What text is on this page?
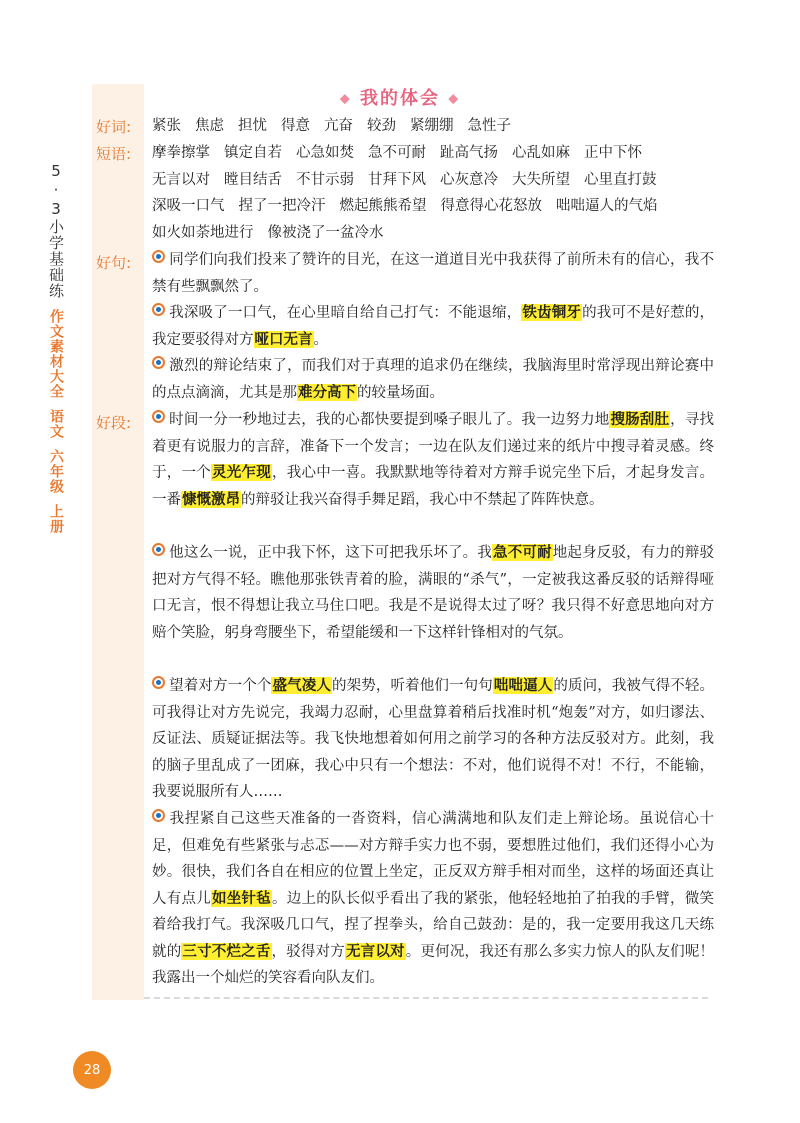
5·3小学基础练作文素材大全语文六年级上册
◆ 我的体会 ◆
好词:	紧张 焦虑 担忧 得意 亢奋 较劲 紧绷绷 急性子
短语:	摩拳擦掌 镇定自若 心急如焚 急不可耐 趾高气扬 心乱如麻 正中下怀
无言以对 瞠目结舌 不甘示弱 甘拜下风 心灰意冷 大失所望 心里直打鼓
深吸一口气 捏了一把冷汗 燃起熊熊希望 得意得心花怒放 咄咄逼人的气焰
如火如荼地进行 像被浇了一盆冷水
好句:	同学们向我们投来了赞许的目光，在这一道道目光中我获得了前所未有的信心，我不禁有些飘飘然了。
我深吸了一口气，在心里暗自给自己打气：不能退缩，铁齿铜牙的我可不是好惹的，我定要驳得对方哑口无言。
激烈的辩论结束了，而我们对于真理的追求仍在继续，我脑海里时常浮现出辩论赛中的点点滴滴，尤其是那难分高下的较量场面。
好段:	时间一分一秒地过去，我的心都快要提到嗓子眼儿了。我一边努力地搜肠刮肚，寻找着更有说服力的言辞，准备下一个发言；一边在队友们递过来的纸片中搜寻着灵感。终于，一个灵光乍现，我心中一喜。我默默地等待着对方辩手说完坐下后，才起身发言。一番慷慨激昂的辩驳让我兴奋得手舞足蹈，我心中不禁起了阵阵快意。
他这么一说，正中我下怀，这下可把我乐坏了。我急不可耐地起身反驳，有力的辩驳把对方气得不轻。瞧他那张铁青着的脸，满眼的“杀气”，一定被我这番反驳的话辩得哑口无言，恨不得想让我立马住口吧。我是不是说得太过了呀？我只得不好意思地向对方赔个笑脸，躬身弯腰坐下，希望能缓和一下这样针锋相对的气氛。
望着对方一个个盛气凌人的架势，听着他们一句句咄咄逼人的质问，我被气得不轻。可我得让对方先说完，我竭力忍耐，心里盘算着稍后找准时机“炮轰”对方，如归谬法、反证法、质疑证据法等。我飞快地想着如何用之前学习的各种方法反驳对方。此刻，我的脑子里乱成了一团麻，我心中只有一个想法：不对，他们说得不对！不行，不能输，我要说服所有人……
我捏紧自己这些天准备的一沓资料，信心满满地和队友们走上辩论场。虽说信心十足，但难免有些紧张与忐忑——对方辩手实力也不弱，要想胜过他们，我们还得小心为妙。很快，我们各自在相应的位置上坐定，正反双方辩手相对而坐，这样的场面还真让人有点儿如坐针毡。边上的队长似乎看出了我的紧张，他轻轻地拍了拍我的手臂，微笑着给我打气。我深吸几口气，捏了捏拳头，给自己鼓劲：是的，我一定要用我这几天练就的三寸不烂之舌，驳得对方无言以对。更何况，我还有那么多实力惊人的队友们呢！我露出一个灿烂的笑容看向队友们。
28
